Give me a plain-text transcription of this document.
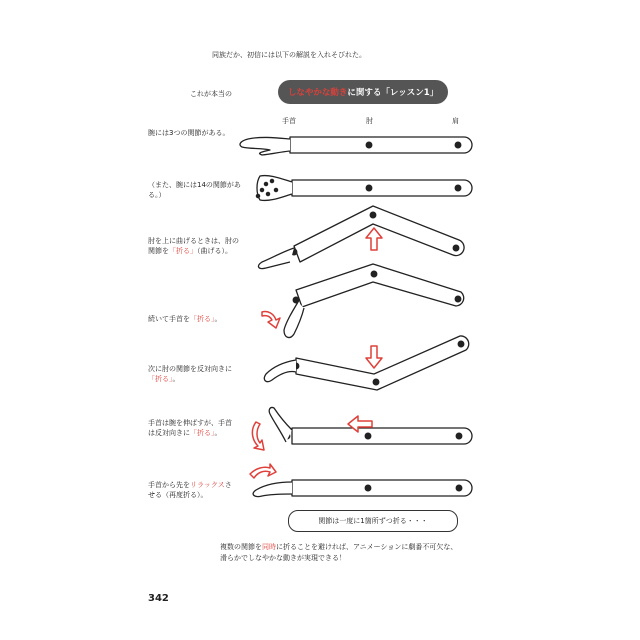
同族だか、初信には以下の解説を入れそびれた。
これが本当の	しなやかな動き に関する「レッスン1」
手首	肘	肩
腕には3つの関節がある。
（また、腕には14の関節がある。）
肘を上に曲げるときは、肘の関節を「折る」（曲げる）。
続いて手首を「折る」。
次に肘の関節を反対向きに「折る」。
手首は腕を伸ばすが、手首は反対向きに「折る」。
手首から先をリラックスさせる（再度折る）。
関節は一度に1箇所ずつ折る・・・
複数の関節を同時に折ることを避ければ、アニメーションに劇番不可欠な、
滑らかでしなやかな動きが実現できる！
342
